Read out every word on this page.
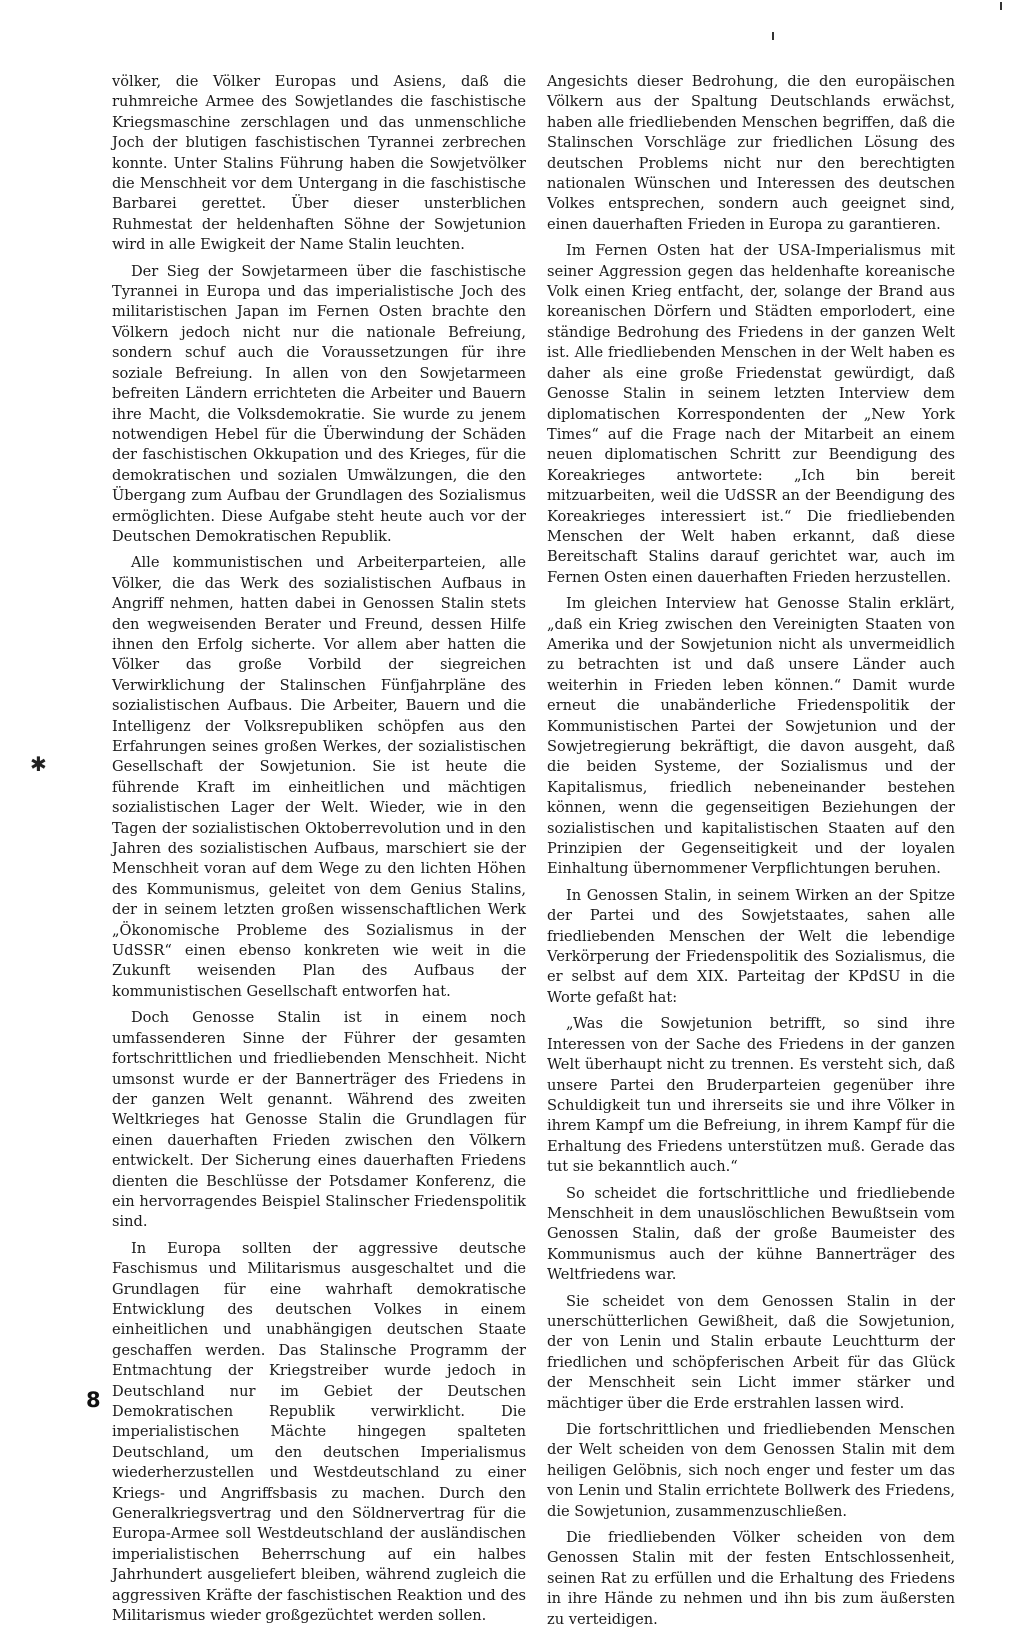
✱

völker, die Völker Europas und Asiens, daß die ruhmreiche Armee des Sowjetlandes die faschistische Kriegsmaschine zerschlagen und das unmenschliche Joch der blutigen faschistischen Tyrannei zerbrechen konnte. Unter Stalins Führung haben die Sowjetvölker die Menschheit vor dem Untergang in die faschistische Barbarei gerettet. Über dieser unsterblichen Ruhmestat der heldenhaften Söhne der Sowjetunion wird in alle Ewigkeit der Name Stalin leuchten.

Der Sieg der Sowjetarmeen über die faschistische Tyrannei in Europa und das imperialistische Joch des militaristischen Japan im Fernen Osten brachte den Völkern jedoch nicht nur die nationale Befreiung, sondern schuf auch die Voraussetzungen für ihre soziale Befreiung. In allen von den Sowjetarmeen befreiten Ländern errichteten die Arbeiter und Bauern ihre Macht, die Volksdemokratie. Sie wurde zu jenem notwendigen Hebel für die Überwindung der Schäden der faschistischen Okkupation und des Krieges, für die demokratischen und sozialen Umwälzungen, die den Übergang zum Aufbau der Grundlagen des Sozialismus ermöglichten. Diese Aufgabe steht heute auch vor der Deutschen Demokratischen Republik.

Alle kommunistischen und Arbeiterparteien, alle Völker, die das Werk des sozialistischen Aufbaus in Angriff nehmen, hatten dabei in Genossen Stalin stets den wegweisenden Berater und Freund, dessen Hilfe ihnen den Erfolg sicherte. Vor allem aber hatten die Völker das große Vorbild der siegreichen Verwirklichung der Stalinschen Fünfjahrpläne des sozialistischen Aufbaus. Die Arbeiter, Bauern und die Intelligenz der Volksrepubliken schöpfen aus den Erfahrungen seines großen Werkes, der sozialistischen Gesellschaft der Sowjetunion. Sie ist heute die führende Kraft im einheitlichen und mächtigen sozialistischen Lager der Welt. Wieder, wie in den Tagen der sozialistischen Oktoberrevolution und in den Jahren des sozialistischen Aufbaus, marschiert sie der Menschheit voran auf dem Wege zu den lichten Höhen des Kommunismus, geleitet von dem Genius Stalins, der in seinem letzten großen wissenschaftlichen Werk „Ökonomische Probleme des Sozialismus in der UdSSR“ einen ebenso konkreten wie weit in die Zukunft weisenden Plan des Aufbaus der kommunistischen Gesellschaft entworfen hat.

Doch Genosse Stalin ist in einem noch umfassenderen Sinne der Führer der gesamten fortschrittlichen und friedliebenden Menschheit. Nicht umsonst wurde er der Bannerträger des Friedens in der ganzen Welt genannt. Während des zweiten Weltkrieges hat Genosse Stalin die Grundlagen für einen dauerhaften Frieden zwischen den Völkern entwickelt. Der Sicherung eines dauerhaften Friedens dienten die Beschlüsse der Potsdamer Konferenz, die ein hervorragendes Beispiel Stalinscher Friedenspolitik sind.

In Europa sollten der aggressive deutsche Faschismus und Militarismus ausgeschaltet und die Grundlagen für eine wahrhaft demokratische Entwicklung des deutschen Volkes in einem einheitlichen und unabhängigen deutschen Staate geschaffen werden. Das Stalinsche Programm der Entmachtung der Kriegstreiber wurde jedoch in Deutschland nur im Gebiet der Deutschen Demokratischen Republik verwirklicht. Die imperialistischen Mächte hingegen spalteten Deutschland, um den deutschen Imperialismus wiederherzustellen und Westdeutschland zu einer Kriegs- und Angriffsbasis zu machen. Durch den Generalkriegsvertrag und den Söldnervertrag für die Europa-Armee soll Westdeutschland der ausländischen imperialistischen Beherrschung auf ein halbes Jahrhundert ausgeliefert bleiben, während zugleich die aggressiven Kräfte der faschistischen Reaktion und des Militarismus wieder großgezüchtet werden sollen.

Angesichts dieser Bedrohung, die den europäischen Völkern aus der Spaltung Deutschlands erwächst, haben alle friedliebenden Menschen begriffen, daß die Stalinschen Vorschläge zur friedlichen Lösung des deutschen Problems nicht nur den berechtigten nationalen Wünschen und Interessen des deutschen Volkes entsprechen, sondern auch geeignet sind, einen dauerhaften Frieden in Europa zu garantieren.

Im Fernen Osten hat der USA-Imperialismus mit seiner Aggression gegen das heldenhafte koreanische Volk einen Krieg entfacht, der, solange der Brand aus koreanischen Dörfern und Städten emporlodert, eine ständige Bedrohung des Friedens in der ganzen Welt ist. Alle friedliebenden Menschen in der Welt haben es daher als eine große Friedenstat gewürdigt, daß Genosse Stalin in seinem letzten Interview dem diplomatischen Korrespondenten der „New York Times“ auf die Frage nach der Mitarbeit an einem neuen diplomatischen Schritt zur Beendigung des Koreakrieges antwortete: „Ich bin bereit mitzuarbeiten, weil die UdSSR an der Beendigung des Koreakrieges interessiert ist.“ Die friedliebenden Menschen der Welt haben erkannt, daß diese Bereitschaft Stalins darauf gerichtet war, auch im Fernen Osten einen dauerhaften Frieden herzustellen.

Im gleichen Interview hat Genosse Stalin erklärt, „daß ein Krieg zwischen den Vereinigten Staaten von Amerika und der Sowjetunion nicht als unvermeidlich zu betrachten ist und daß unsere Länder auch weiterhin in Frieden leben können.“ Damit wurde erneut die unabänderliche Friedenspolitik der Kommunistischen Partei der Sowjetunion und der Sowjetregierung bekräftigt, die davon ausgeht, daß die beiden Systeme, der Sozialismus und der Kapitalismus, friedlich nebeneinander bestehen können, wenn die gegenseitigen Beziehungen der sozialistischen und kapitalistischen Staaten auf den Prinzipien der Gegenseitigkeit und der loyalen Einhaltung übernommener Verpflichtungen beruhen.

In Genossen Stalin, in seinem Wirken an der Spitze der Partei und des Sowjetstaates, sahen alle friedliebenden Menschen der Welt die lebendige Verkörperung der Friedenspolitik des Sozialismus, die er selbst auf dem XIX. Parteitag der KPdSU in die Worte gefaßt hat:

„Was die Sowjetunion betrifft, so sind ihre Interessen von der Sache des Friedens in der ganzen Welt überhaupt nicht zu trennen. Es versteht sich, daß unsere Partei den Bruderparteien gegenüber ihre Schuldigkeit tun und ihrerseits sie und ihre Völker in ihrem Kampf um die Befreiung, in ihrem Kampf für die Erhaltung des Friedens unterstützen muß. Gerade das tut sie bekanntlich auch.“

So scheidet die fortschrittliche und friedliebende Menschheit in dem unauslöschlichen Bewußtsein vom Genossen Stalin, daß der große Baumeister des Kommunismus auch der kühne Bannerträger des Weltfriedens war.

Sie scheidet von dem Genossen Stalin in der unerschütterlichen Gewißheit, daß die Sowjetunion, der von Lenin und Stalin erbaute Leuchtturm der friedlichen und schöpferischen Arbeit für das Glück der Menschheit sein Licht immer stärker und mächtiger über die Erde erstrahlen lassen wird.

Die fortschrittlichen und friedliebenden Menschen der Welt scheiden von dem Genossen Stalin mit dem heiligen Gelöbnis, sich noch enger und fester um das von Lenin und Stalin errichtete Bollwerk des Friedens, die Sowjetunion, zusammenzuschließen.

Die friedliebenden Völker scheiden von dem Genossen Stalin mit der festen Entschlossenheit, seinen Rat zu erfüllen und die Erhaltung des Friedens in ihre Hände zu nehmen und ihn bis zum äußersten zu verteidigen.

8
